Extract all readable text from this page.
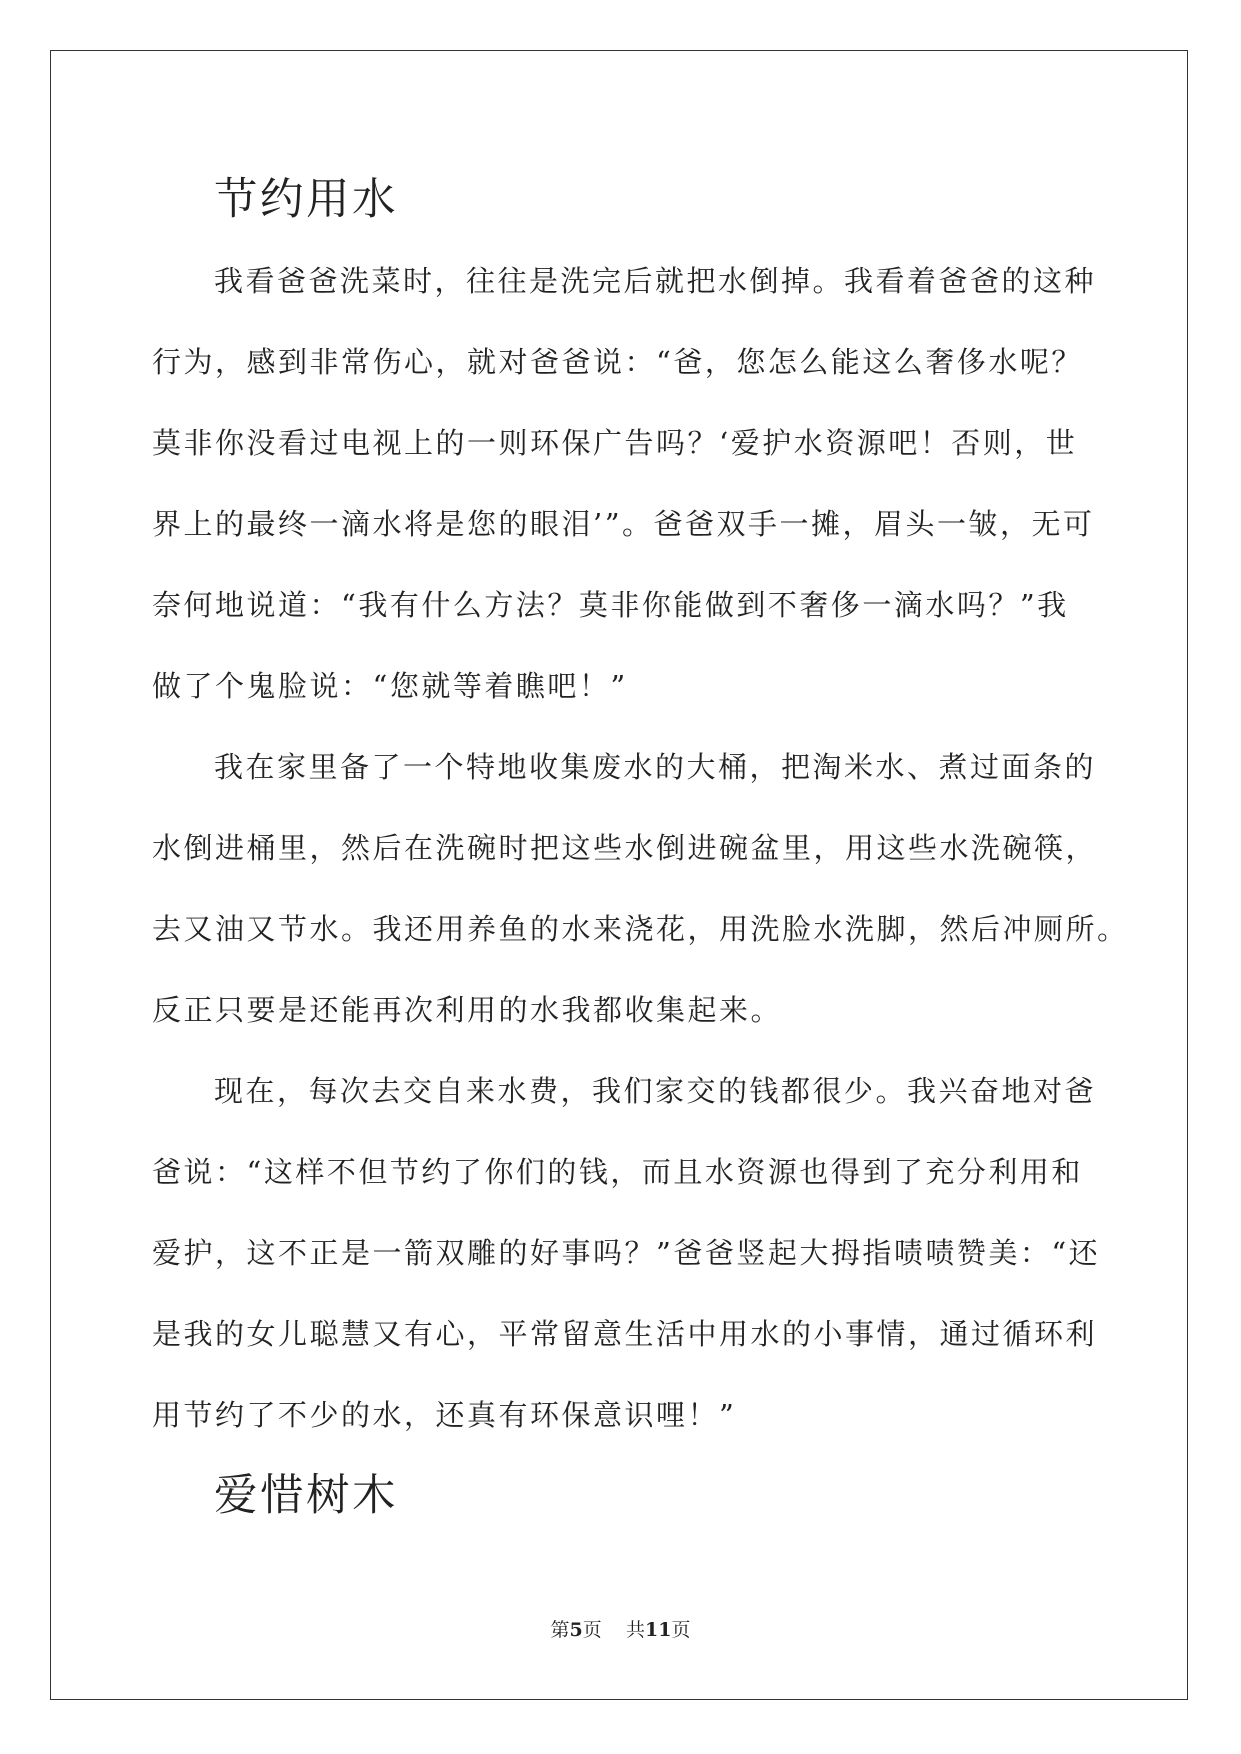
节约用水
我看爸爸洗菜时，往往是洗完后就把水倒掉。我看着爸爸的这种
行为，感到非常伤心，就对爸爸说：“爸，您怎么能这么奢侈水呢？
莫非你没看过电视上的一则环保广告吗？‘爱护水资源吧！否则，世
界上的最终一滴水将是您的眼泪’”。爸爸双手一摊，眉头一皱，无可
奈何地说道：“我有什么方法？莫非你能做到不奢侈一滴水吗？”我
做了个鬼脸说：“您就等着瞧吧！”
我在家里备了一个特地收集废水的大桶，把淘米水、煮过面条的
水倒进桶里，然后在洗碗时把这些水倒进碗盆里，用这些水洗碗筷，
去又油又节水。我还用养鱼的水来浇花，用洗脸水洗脚，然后冲厕所。
反正只要是还能再次利用的水我都收集起来。
现在，每次去交自来水费，我们家交的钱都很少。我兴奋地对爸
爸说：“这样不但节约了你们的钱，而且水资源也得到了充分利用和
爱护，这不正是一箭双雕的好事吗？”爸爸竖起大拇指啧啧赞美：“还
是我的女儿聪慧又有心，平常留意生活中用水的小事情，通过循环利
用节约了不少的水，还真有环保意识哩！”
爱惜树木
第5页 共11页
